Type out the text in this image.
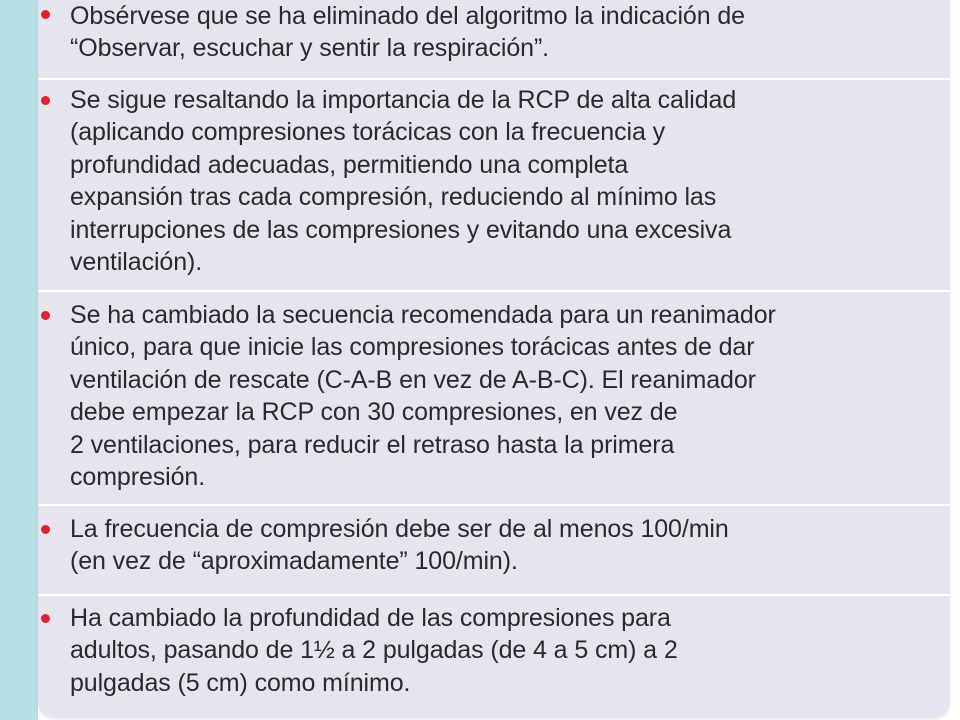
Obsérvese que se ha eliminado del algoritmo la indicación de
“Observar, escuchar y sentir la respiración”.

Se sigue resaltando la importancia de la RCP de alta calidad
(aplicando compresiones torácicas con la frecuencia y
profundidad adecuadas, permitiendo una completa
expansión tras cada compresión, reduciendo al mínimo las
interrupciones de las compresiones y evitando una excesiva
ventilación).

Se ha cambiado la secuencia recomendada para un reanimador
único, para que inicie las compresiones torácicas antes de dar
ventilación de rescate (C-A-B en vez de A-B-C). El reanimador
debe empezar la RCP con 30 compresiones, en vez de
2 ventilaciones, para reducir el retraso hasta la primera
compresión.

La frecuencia de compresión debe ser de al menos 100/min
(en vez de “aproximadamente” 100/min).

Ha cambiado la profundidad de las compresiones para
adultos, pasando de 1½ a 2 pulgadas (de 4 a 5 cm) a 2
pulgadas (5 cm) como mínimo.
